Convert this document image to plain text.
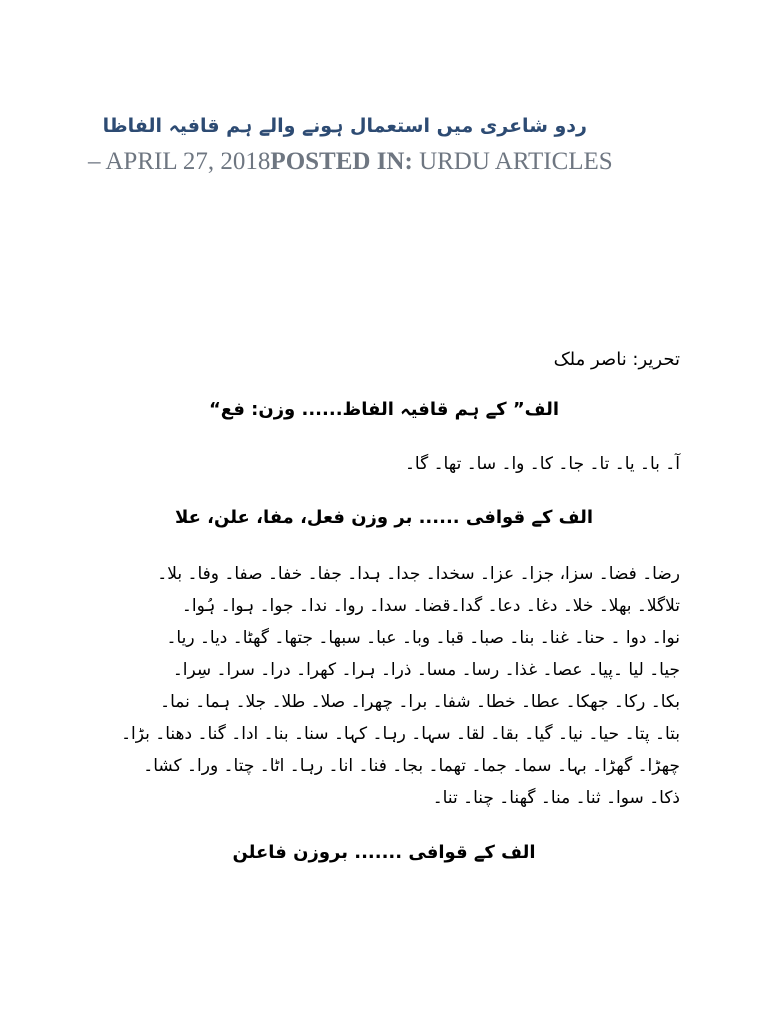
ردو شاعری میں استعمال ہونے والے ہم قافیہ الفاظا
– APRIL 27, 2018POSTED IN: URDU ARTICLES
تحریر: ناصر ملک
الف” کے ہم قافیہ الفاظ...... وزن: فع“
آ۔ با۔ یا۔ تا۔ جا۔ کا۔ وا۔ سا۔ تھا۔ گا۔
الف کے قوافی ...... بر وزن فعل، مفا، علن، علا
رضا۔ فضا۔ سزا، جزا۔ عزا۔ سخدا۔ جدا۔ ہدا۔ جفا۔ خفا۔ صفا۔ وفا۔ بلا۔
تلاگلا۔ بھلا۔ خلا۔ دغا۔ دعا۔ گدا۔قضا۔ سدا۔ روا۔ ندا۔ جوا۔ ہوا۔ ہُوا۔
نوا۔ دوا ۔ حنا۔ غنا۔ بنا۔ صبا۔ قبا۔ وبا۔ عبا۔ سبھا۔ جتھا۔ گھٹا۔ دیا۔ ریا۔
جیا۔ لیا ۔پیا۔ عصا۔ غذا۔ رسا۔ مسا۔ ذرا۔ ہرا۔ کھرا۔ درا۔ سرا۔ سِرا۔
بکا۔ رکا۔ جھکا۔ عطا۔ خطا۔ شفا۔ برا۔ چھرا۔ صلا۔ طلا۔ جلا۔ ہما۔ نما۔
بتا۔ پتا۔ حیا۔ نیا۔ گیا۔ بقا۔ لقا۔ سہا۔ رہا۔ کہا۔ سنا۔ بنا۔ ادا۔ گنا۔ دھنا۔ بڑا۔
چھڑا۔ گھڑا۔ بہا۔ سما۔ جما۔ تھما۔ بجا۔ فنا۔ انا۔ رہا۔ اٹا۔ چتا۔ ورا۔ کشا۔
ذکا۔ سوا۔ ثنا۔ منا۔ گھنا۔ چنا۔ تنا۔
الف کے قوافی ....... بروزن فاعلن
